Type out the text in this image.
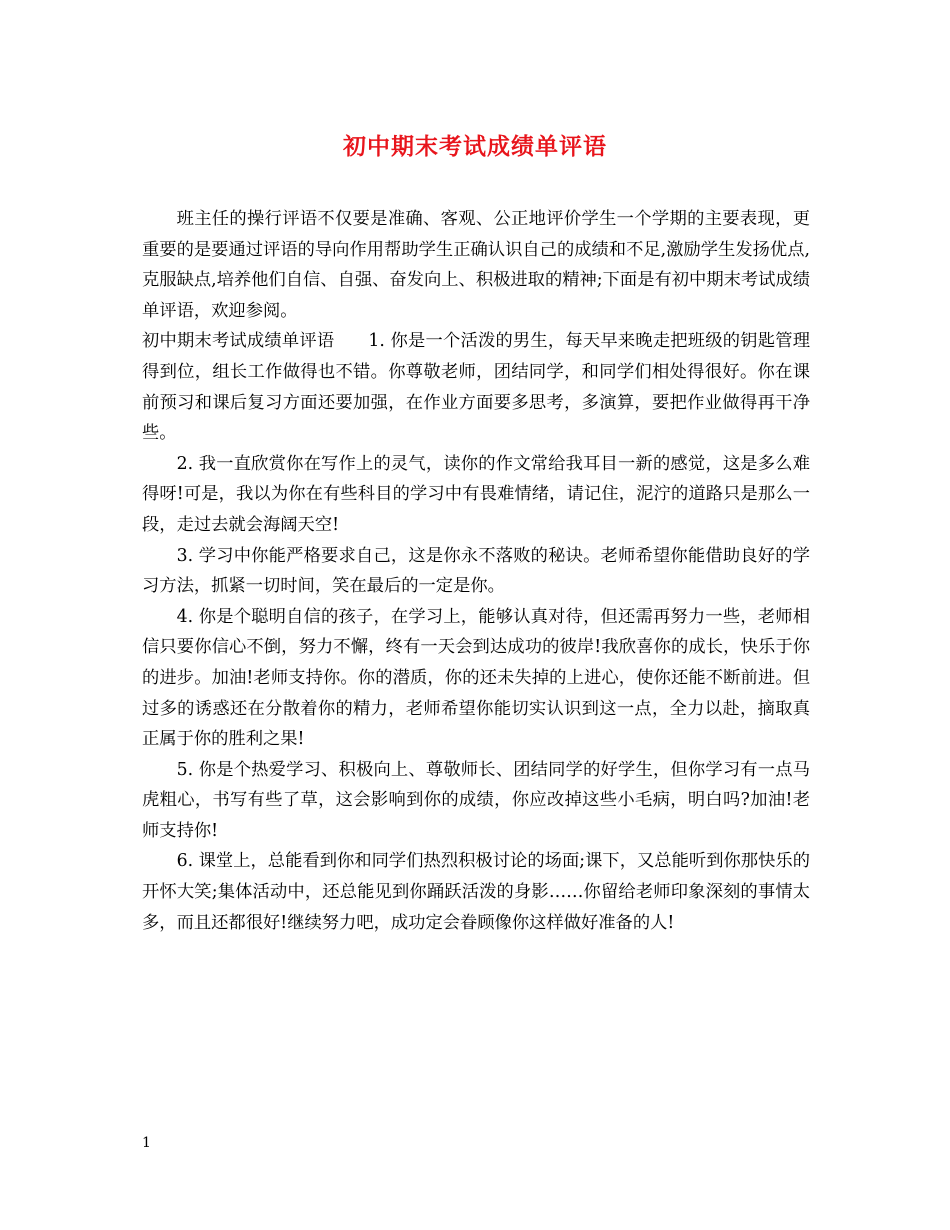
初中期末考试成绩单评语

班主任的操行评语不仅要是准确、客观、公正地评价学生一个学期的主要表现，更重要的是要通过评语的导向作用帮助学生正确认识自己的成绩和不足,激励学生发扬优点,克服缺点,培养他们自信、自强、奋发向上、积极进取的精神;下面是有初中期末考试成绩单评语，欢迎参阅。

初中期末考试成绩单评语 1. 你是一个活泼的男生，每天早来晚走把班级的钥匙管理得到位，组长工作做得也不错。你尊敬老师，团结同学，和同学们相处得很好。你在课前预习和课后复习方面还要加强，在作业方面要多思考，多演算，要把作业做得再干净些。

2. 我一直欣赏你在写作上的灵气，读你的作文常给我耳目一新的感觉，这是多么难得呀!可是，我以为你在有些科目的学习中有畏难情绪，请记住，泥泞的道路只是那么一段，走过去就会海阔天空!

3. 学习中你能严格要求自己，这是你永不落败的秘诀。老师希望你能借助良好的学习方法，抓紧一切时间，笑在最后的一定是你。

4. 你是个聪明自信的孩子，在学习上，能够认真对待，但还需再努力一些，老师相信只要你信心不倒，努力不懈，终有一天会到达成功的彼岸!我欣喜你的成长，快乐于你的进步。加油!老师支持你。你的潜质，你的还未失掉的上进心，使你还能不断前进。但过多的诱惑还在分散着你的精力，老师希望你能切实认识到这一点，全力以赴，摘取真正属于你的胜利之果!

5. 你是个热爱学习、积极向上、尊敬师长、团结同学的好学生，但你学习有一点马虎粗心，书写有些了草，这会影响到你的成绩，你应改掉这些小毛病，明白吗?加油!老师支持你!

6. 课堂上，总能看到你和同学们热烈积极讨论的场面;课下，又总能听到你那快乐的开怀大笑;集体活动中，还总能见到你踊跃活泼的身影……你留给老师印象深刻的事情太多，而且还都很好!继续努力吧，成功定会眷顾像你这样做好准备的人!

1
